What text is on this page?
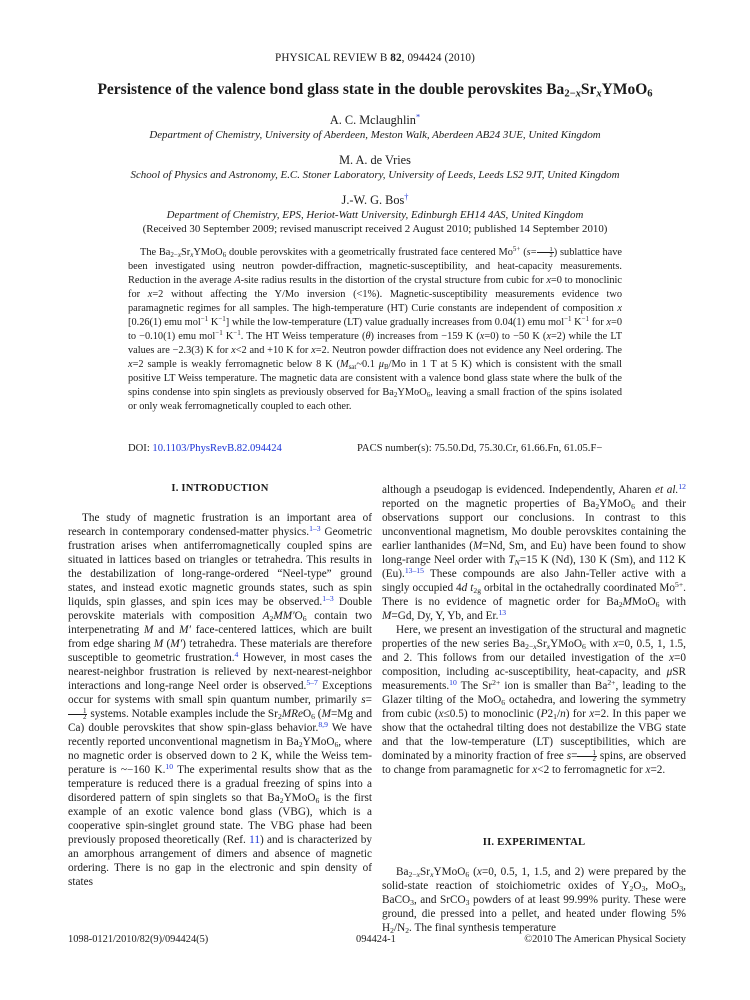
PHYSICAL REVIEW B 82, 094424 (2010)
Persistence of the valence bond glass state in the double perovskites $Ba_{2-x}Sr_xYMoO_6$
A. C. Mclaughlin*
Department of Chemistry, University of Aberdeen, Meston Walk, Aberdeen AB24 3UE, United Kingdom
M. A. de Vries
School of Physics and Astronomy, E.C. Stoner Laboratory, University of Leeds, Leeds LS2 9JT, United Kingdom
J.-W. G. Bos†
Department of Chemistry, EPS, Heriot-Watt University, Edinburgh EH14 4AS, United Kingdom
(Received 30 September 2009; revised manuscript received 2 August 2010; published 14 September 2010)
The $Ba_{2-x}Sr_xYMoO_6$ double perovskites with a geometrically frustrated face centered $Mo^{5+}$ ($s= \frac{1}{2}$ ) sublattice have been investigated using neutron powder-diffraction, magnetic-susceptibility, and heat-capacity measurements. Reduction in the average A-site radius results in the distortion of the crystal structure from cubic for x=0 to monoclinic for x=2 without affecting the Y/Mo inversion (<1%). Magnetic-susceptibility measurements evidence two paramagnetic regimes for all samples. The high-temperature (HT) Curie constants are independent of composition x [0.26(1) emu mol$^{-1}$ $K^{-1}$] while the low-temperature (LT) value gradually increases from 0.04(1) emu mol$^{-1}$ $K^{-1}$ for x=0 to −0.10(1) emu mol$^{-1}$ $K^{-1}$. The HT Weiss temperature (θ) increases from −159 K (x=0) to −50 K (x=2) while the LT values are −2.3(3) K for x<2 and +10 K for x=2. Neutron powder diffraction does not evidence any Neel ordering. The x=2 sample is weakly ferromagnetic below 8 K ($M_{sat}\sim 0.1$ $\mu_B/Mo$ in 1 T at 5 K) which is consistent with the small positive LT Weiss temperature. The magnetic data are consistent with a valence bond glass state where the bulk of the spins condense into spin singlets as previously observed for $Ba_2YMoO_6$, leaving a small fraction of the spins isolated or only weak ferromagnetically coupled to each other.
DOI: 10.1103/PhysRevB.82.094424	PACS number(s): 75.50.Dd, 75.30.Cr, 61.66.Fn, 61.05.F−
I. INTRODUCTION
The study of magnetic frustration is an important area of research in contemporary condensed-matter physics.$^{1-3}$ Geometric frustration arises when antiferromagnetically coupled spins are situated in lattices based on triangles or tetrahedra. This results in the destabilization of long-range-ordered “Neel-type” ground states, and instead exotic magnetic grounds states, such as spin liquids, spin glasses, and spin ices may be observed.$^{1-3}$ Double perovskite materials with composition $A_2MM'O_6$ contain two interpenetrating M and M′ face-centered lattices, which are built from edge sharing M (M′) tetrahedra. These materials are therefore susceptible to geometric frustration.$^4$ However, in most cases the nearest-neighbor frustration is relieved by next-nearest-neighbor interactions and long-range Neel order is observed.$^{5-7}$ Exceptions occur for systems with small spin quantum number, primarily s=
$\frac{1}{2}$ systems. Notable examples include the $Sr_2MReO_6$ (M=Mg and Ca) double perovskites that show spin-glass behavior.$^{8,9}$ We have recently reported unconventional magnetism in $Ba_2YMoO_6$, where no magnetic order is observed down to 2 K, while the Weiss temperature is ~−160 K.$^{10}$ The experimental results show that as the temperature is reduced there is a gradual freezing of spins into a disordered pattern of spin singlets so that $Ba_2YMoO_6$ is the first example of an exotic valence bond glass (VBG), which is a cooperative spin-singlet ground state. The VBG phase had been previously proposed theoretically (Ref. 11) and is characterized by an amorphous arrangement of dimers and absence of magnetic ordering. There is no gap in the electronic and spin density of states
although a pseudogap is evidenced. Independently, Aharen et al.$^{12}$ reported on the magnetic properties of $Ba_2YMoO_6$ and their observations support our conclusions. In contrast to this unconventional magnetism, Mo double perovskites containing the earlier lanthanides (M=Nd, Sm, and Eu) have been found to show long-range Neel order with $T_N=15$ K (Nd), 130 K (Sm), and 112 K (Eu).$^{13-15}$ These compounds are also Jahn-Teller active with a singly occupied 4d $t_{2g}$ orbital in the octahedrally coordinated $Mo^{5+}$. There is no evidence of magnetic order for $Ba_2MMoO_6$ with M=Gd, Dy, Y, Yb, and Er.$^{13}$
Here, we present an investigation of the structural and magnetic properties of the new series $Ba_{2-x}Sr_xYMoO_6$ with x=0, 0.5, 1, 1.5, and 2. This follows from our detailed investigation of the x=0 composition, including ac-susceptibility, heat-capacity, and μSR measurements.$^{10}$ The $Sr^{2+}$ ion is smaller than $Ba^{2+}$, leading to the Glazer tilting of the MoO$_6$ octahedra, and lowering the symmetry from cubic (x≤0.5) to monoclinic $(P2_1/n)$ for x=2. In this paper we show that the octahedral tilting does not destabilize the VBG state and that the low-temperature (LT) susceptibilities, which are dominated by a minority fraction of free $s= \frac{1}{2}$ spins, are observed to change from paramagnetic for x<2 to ferromagnetic for x=2.
II. EXPERIMENTAL
$Ba_{2-x}Sr_xYMoO_6$ (x=0, 0.5, 1, 1.5, and 2) were prepared by the solid-state reaction of stoichiometric oxides of $Y_2O_3$, MoO$_3$, BaCO$_3$, and SrCO$_3$ powders of at least 99.99% purity. These were ground, die pressed into a pellet, and heated under flowing 5% $H_2/N_2$. The final synthesis temperature
1098-0121/2010/82(9)/094424(5)	094424-1	©2010 The American Physical Society
